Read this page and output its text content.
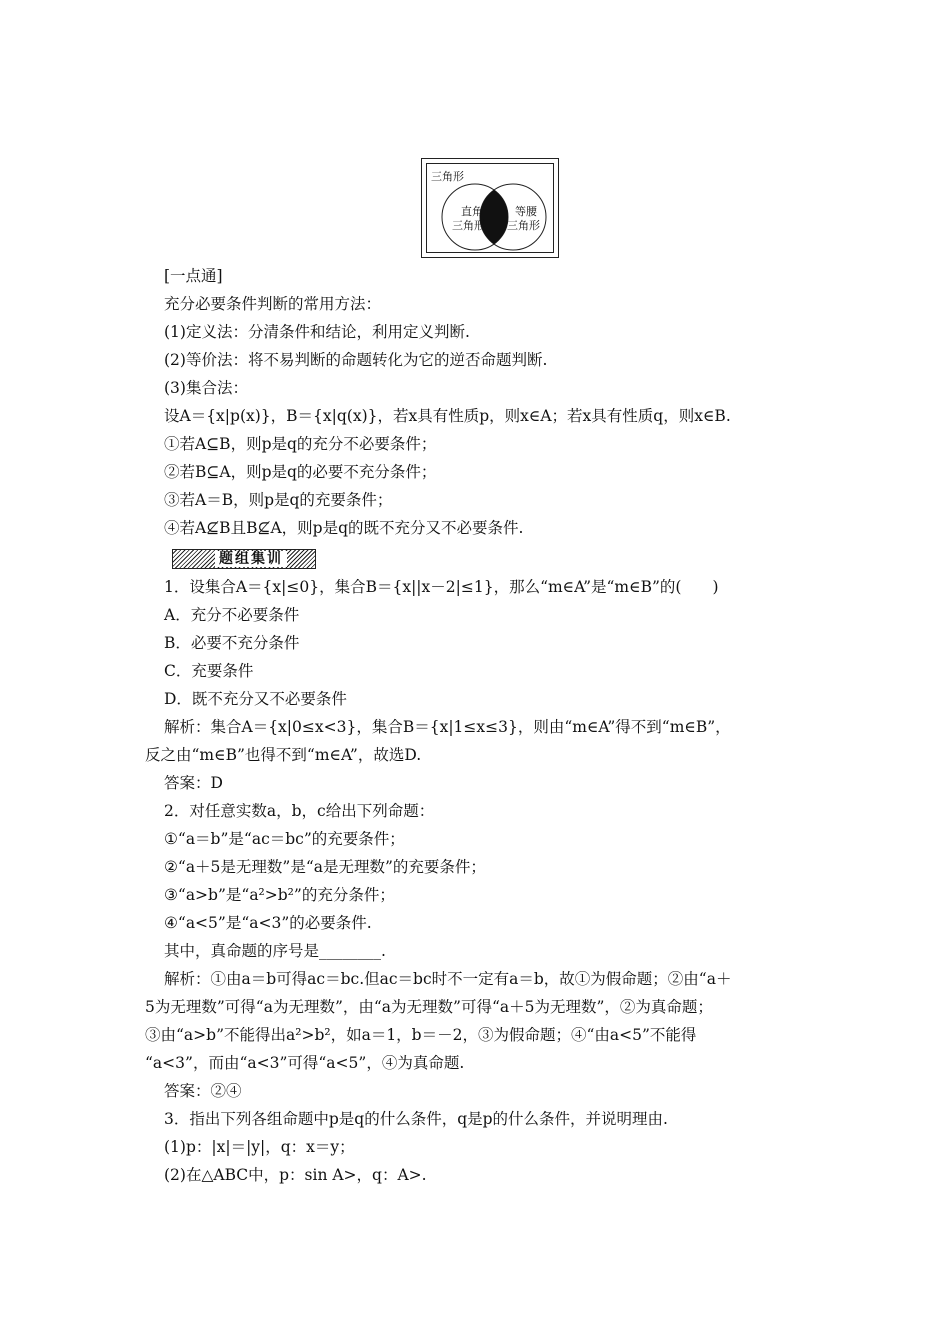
三角形
直角
三角形
等腰
三角形
[一点通]
充分必要条件判断的常用方法：
(1)定义法：分清条件和结论，利用定义判断.
(2)等价法：将不易判断的命题转化为它的逆否命题判断.
(3)集合法：
设A＝{x|p(x)}，B＝{x|q(x)}，若x具有性质p，则x∈A；若x具有性质q，则x∈B.
①若A⊆B，则p是q的充分不必要条件；
②若B⊆A，则p是q的必要不充分条件；
③若A＝B，则p是q的充要条件；
④若A⊈B且B⊈A，则p是q的既不充分又不必要条件.
题组集训
1．设集合A＝{x|≤0}，集合B＝{x||x－2|≤1}，那么“m∈A”是“m∈B”的(　　)
A．充分不必要条件
B．必要不充分条件
C．充要条件
D．既不充分又不必要条件
解析：集合A＝{x|0≤x<3}，集合B＝{x|1≤x≤3}，则由“m∈A”得不到“m∈B”，
反之由“m∈B”也得不到“m∈A”，故选D.
答案：D
2．对任意实数a，b，c给出下列命题：
①“a＝b”是“ac＝bc”的充要条件；
②“a＋5是无理数”是“a是无理数”的充要条件；
③“a>b”是“a²>b²”的充分条件；
④“a<5”是“a<3”的必要条件.
其中，真命题的序号是________.
解析：①由a＝b可得ac＝bc.但ac＝bc时不一定有a＝b，故①为假命题；②由“a＋
5为无理数”可得“a为无理数”，由“a为无理数”可得“a＋5为无理数”，②为真命题；
③由“a>b”不能得出a²>b²，如a＝1，b＝－2，③为假命题；④“由a<5”不能得
“a<3”，而由“a<3”可得“a<5”，④为真命题.
答案：②④
3．指出下列各组命题中p是q的什么条件，q是p的什么条件，并说明理由.
(1)p：|x|＝|y|，q：x＝y；
(2)在△ABC中，p：sin A>，q：A>.
